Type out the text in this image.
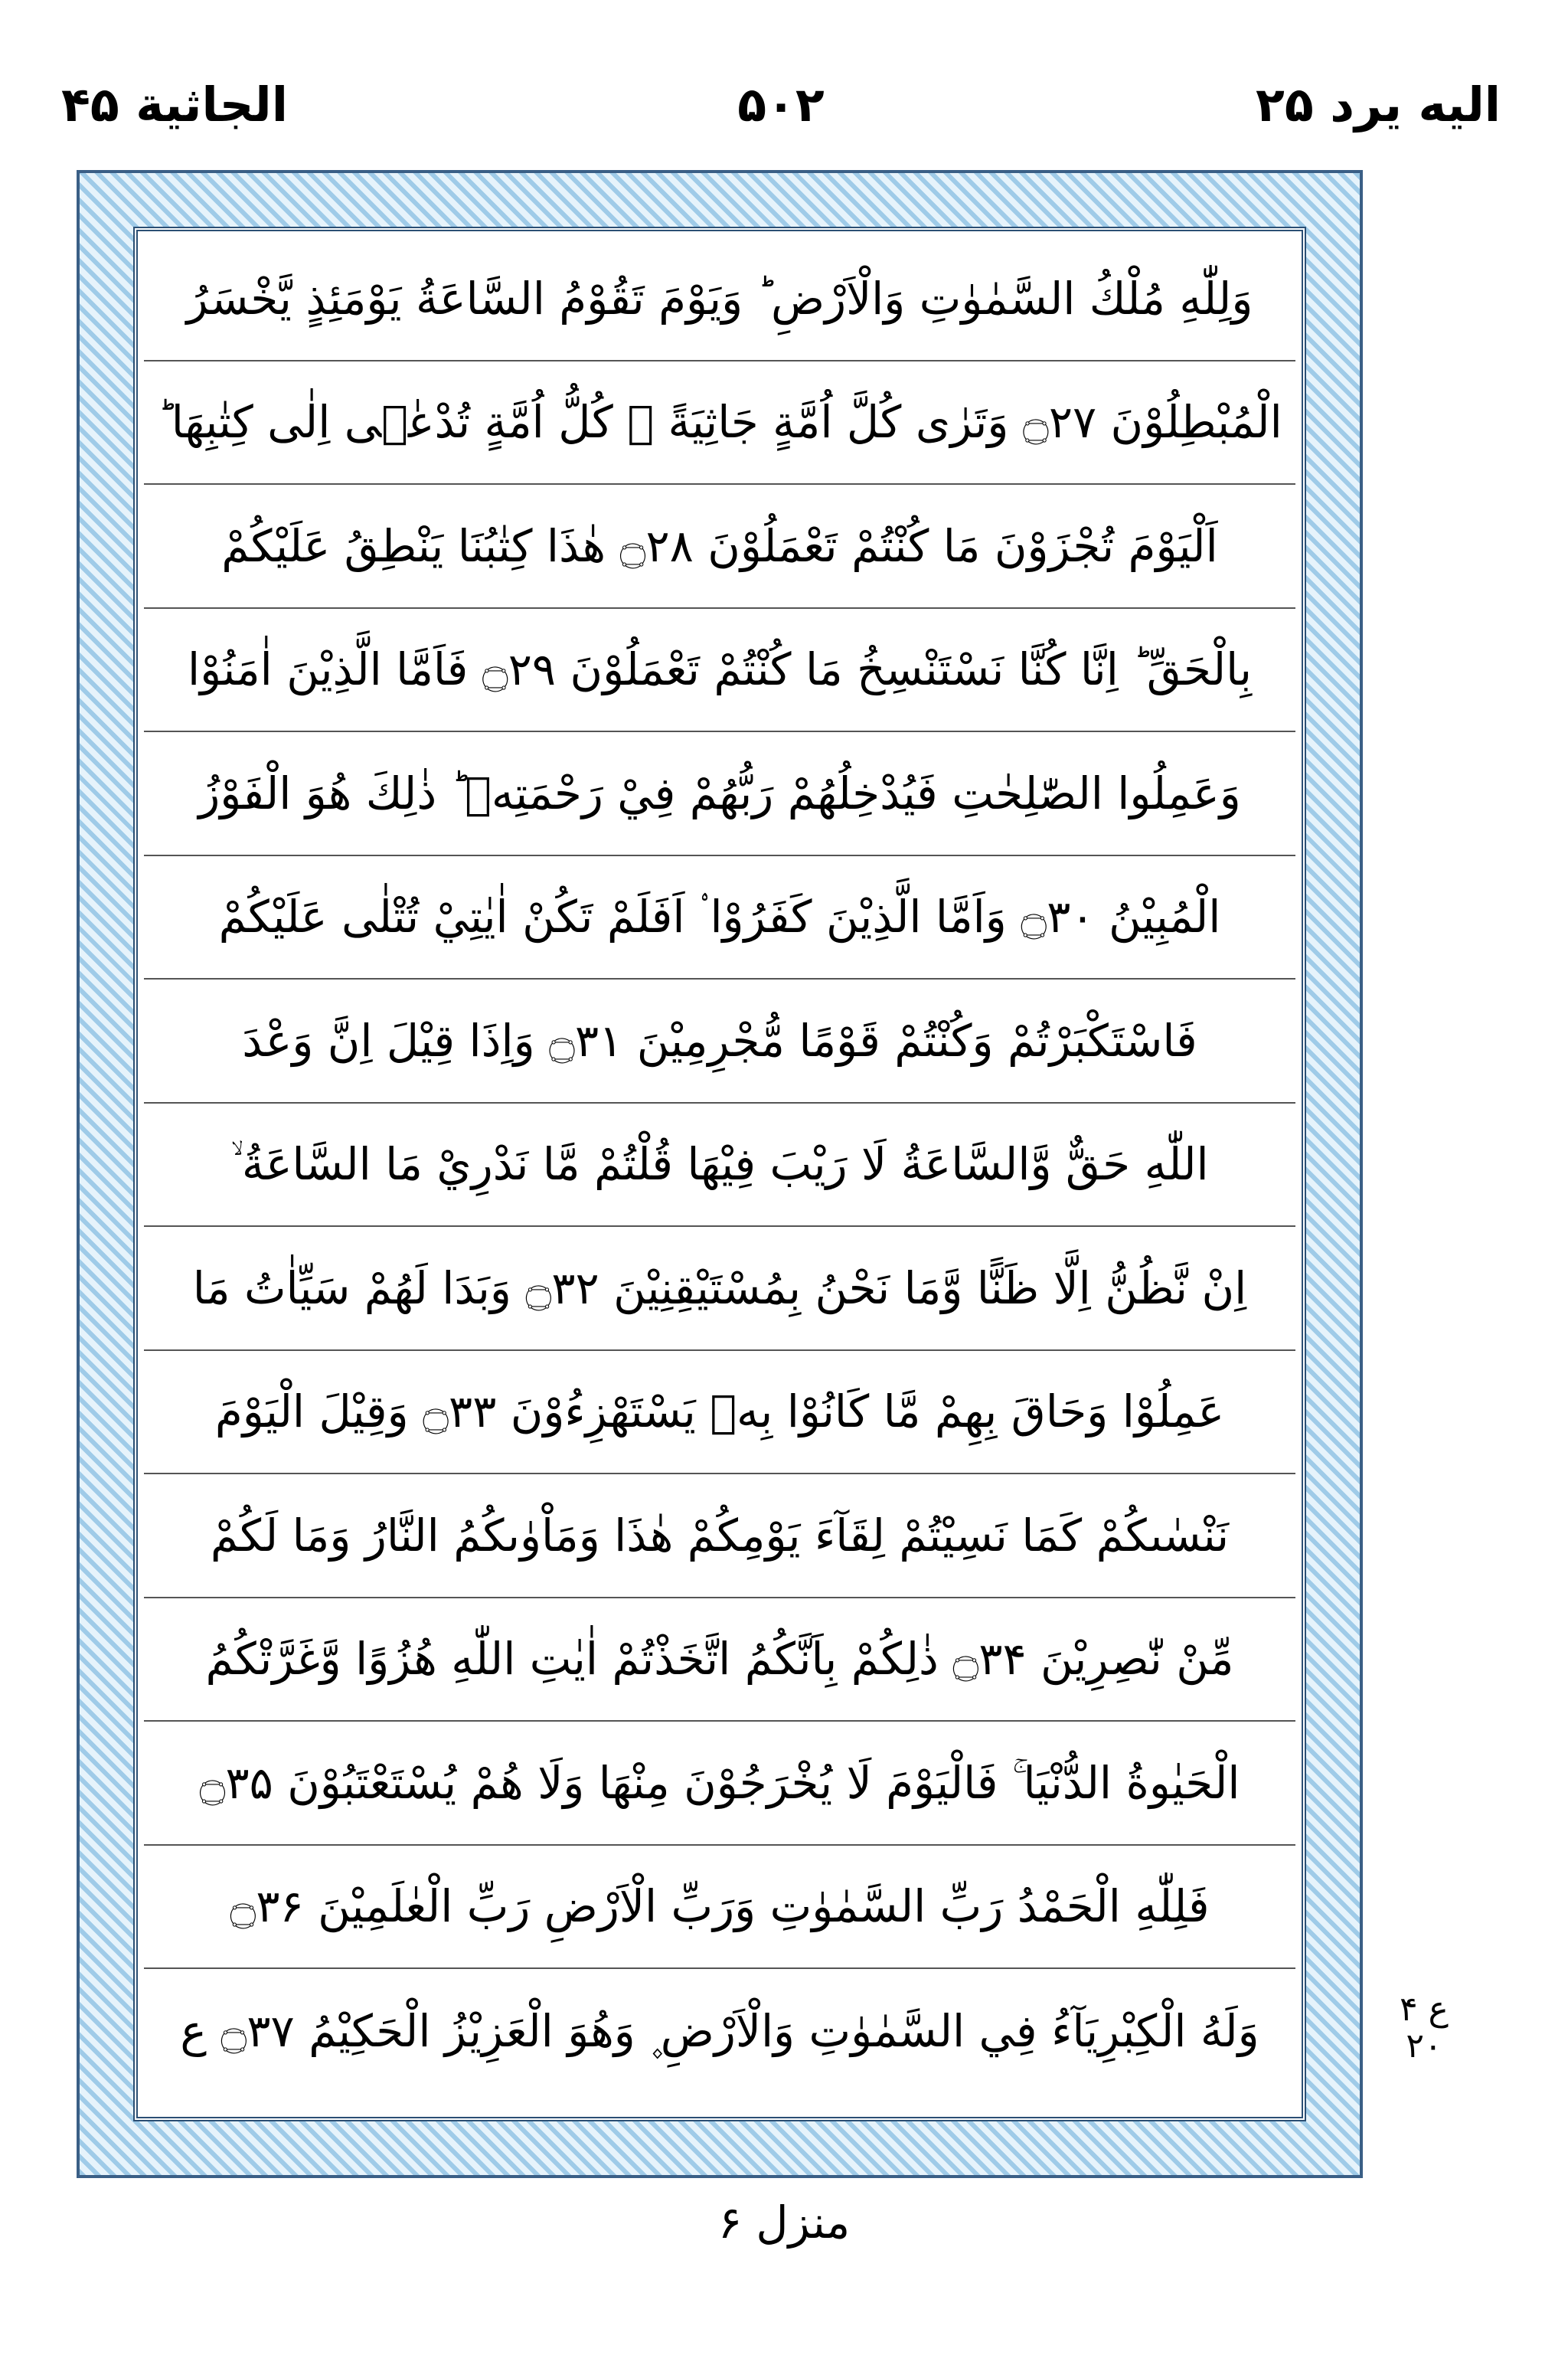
الجاثية ۴۵	۵۰۲	اليه يرد ۲۵
وَلِلّٰهِ مُلْكُ السَّمٰوٰتِ وَالْاَرْضِ ؕ وَيَوْمَ تَقُوْمُ السَّاعَةُ يَوْمَئِذٍ يَّخْسَرُ
الْمُبْطِلُوْنَ ۝۲۷ وَتَرٰى كُلَّ اُمَّةٍ جَاثِيَةً ۫ كُلُّ اُمَّةٍ تُدْعٰۤى اِلٰى كِتٰبِهَا ؕ
اَلْيَوْمَ تُجْزَوْنَ مَا كُنْتُمْ تَعْمَلُوْنَ ۝۲۸ هٰذَا كِتٰبُنَا يَنْطِقُ عَلَيْكُمْ
بِالْحَقِّ ؕ اِنَّا كُنَّا نَسْتَنْسِخُ مَا كُنْتُمْ تَعْمَلُوْنَ ۝۲۹ فَاَمَّا الَّذِيْنَ اٰمَنُوْا
وَعَمِلُوا الصّٰلِحٰتِ فَيُدْخِلُهُمْ رَبُّهُمْ فِيْ رَحْمَتِهٖ ؕ ذٰلِكَ هُوَ الْفَوْزُ
الْمُبِيْنُ ۝۳۰ وَاَمَّا الَّذِيْنَ كَفَرُوْا ۟ اَفَلَمْ تَكُنْ اٰيٰتِيْ تُتْلٰى عَلَيْكُمْ
فَاسْتَكْبَرْتُمْ وَكُنْتُمْ قَوْمًا مُّجْرِمِيْنَ ۝۳۱ وَاِذَا قِيْلَ اِنَّ وَعْدَ
اللّٰهِ حَقٌّ وَّالسَّاعَةُ لَا رَيْبَ فِيْهَا قُلْتُمْ مَّا نَدْرِيْ مَا السَّاعَةُ ۙ
اِنْ نَّظُنُّ اِلَّا ظَنًّا وَّمَا نَحْنُ بِمُسْتَيْقِنِيْنَ ۝۳۲ وَبَدَا لَهُمْ سَيِّاٰتُ مَا
عَمِلُوْا وَحَاقَ بِهِمْ مَّا كَانُوْا بِهٖ يَسْتَهْزِءُوْنَ ۝۳۳ وَقِيْلَ الْيَوْمَ
نَنْسٰىكُمْ كَمَا نَسِيْتُمْ لِقَآءَ يَوْمِكُمْ هٰذَا وَمَاْوٰىكُمُ النَّارُ وَمَا لَكُمْ
مِّنْ نّٰصِرِيْنَ ۝۳۴ ذٰلِكُمْ بِاَنَّكُمُ اتَّخَذْتُمْ اٰيٰتِ اللّٰهِ هُزُوًا وَّغَرَّتْكُمُ
الْحَيٰوةُ الدُّنْيَا ۚ فَالْيَوْمَ لَا يُخْرَجُوْنَ مِنْهَا وَلَا هُمْ يُسْتَعْتَبُوْنَ ۝۳۵
فَلِلّٰهِ الْحَمْدُ رَبِّ السَّمٰوٰتِ وَرَبِّ الْاَرْضِ رَبِّ الْعٰلَمِيْنَ ۝۳۶
وَلَهُ الْكِبْرِيَآءُ فِي السَّمٰوٰتِ وَالْاَرْضِ ۪ وَهُوَ الْعَزِيْزُ الْحَكِيْمُ ۝۳۷ ع	ع ۴ ۲۰
منزل ۶
